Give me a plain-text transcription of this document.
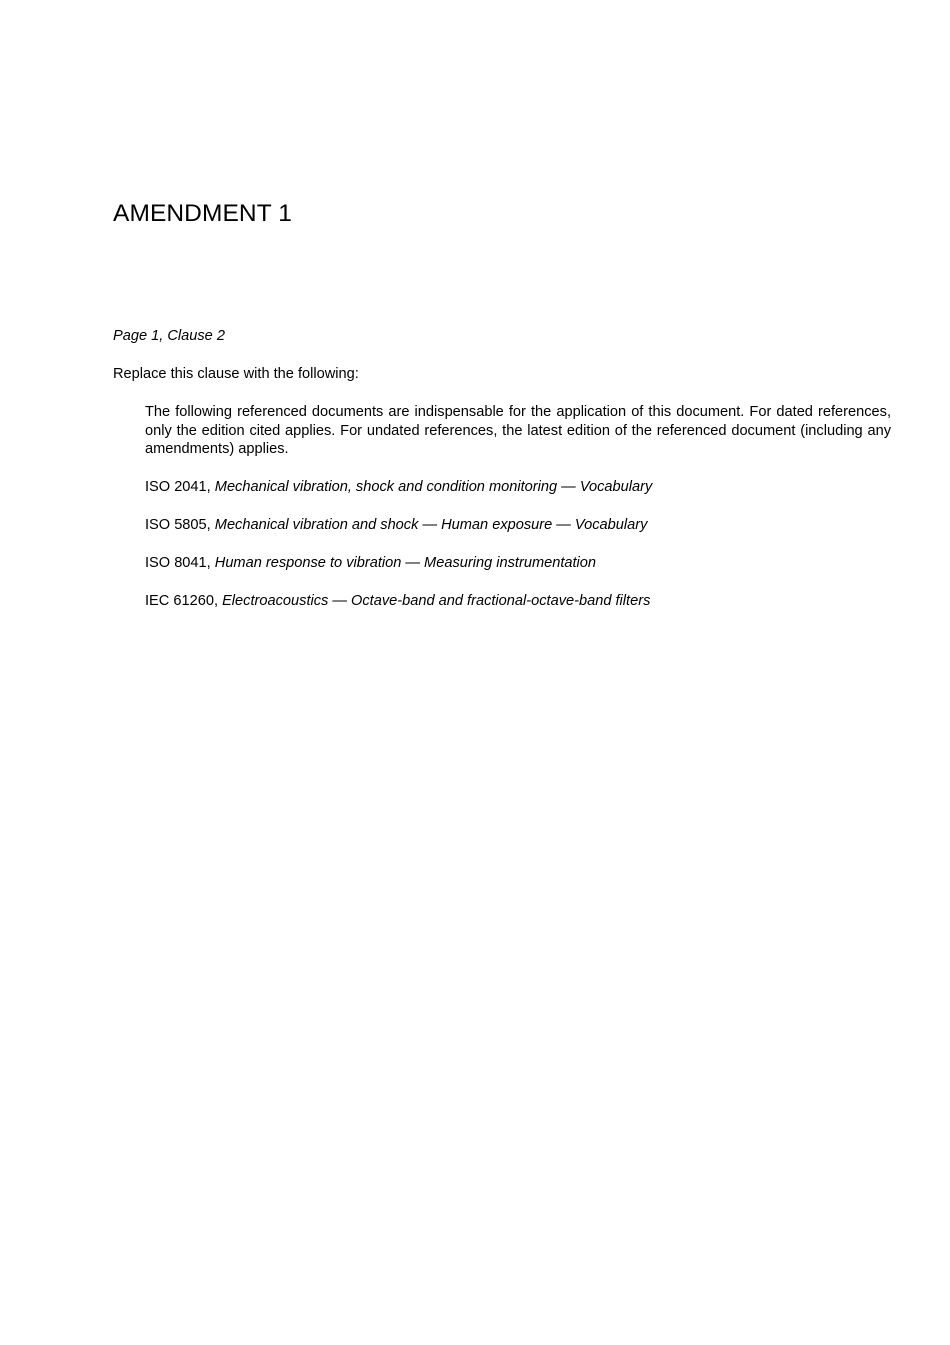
AMENDMENT 1

Page 1, Clause 2

Replace this clause with the following:

The following referenced documents are indispensable for the application of this document. For dated references, only the edition cited applies. For undated references, the latest edition of the referenced document (including any amendments) applies.

ISO 2041, Mechanical vibration, shock and condition monitoring — Vocabulary

ISO 5805, Mechanical vibration and shock — Human exposure — Vocabulary

ISO 8041, Human response to vibration — Measuring instrumentation

IEC 61260, Electroacoustics — Octave-band and fractional-octave-band filters
